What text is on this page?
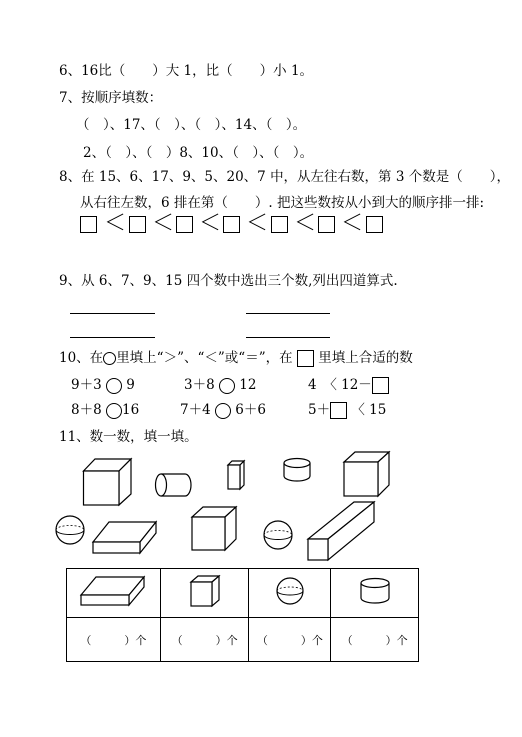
6、16比（　　）大 1，比（　　）小 1。
7、按顺序填数：
（　）、17、（　）、（　）、14、（　）。
2、（　）、（　）8、10、（　）、（　）。
8、在 15、6、17、9、5、20、7 中，从左往右数，第 3 个数是（　　），
从右往左数，6 排在第（　　）. 把这些数按从小到大的顺序排一排:
＜ ＜ ＜ ＜ ＜ ＜
9、从 6、7、9、15 四个数中选出三个数,列出四道算式.
10、在 里填上“＞”、“＜”或“＝”，在 里填上合适的数
9＋3 9	3＋8 12	4　〈 12－
8＋8 16	7＋4 6＋6	5＋ 〈 15
11、数一数，填一填。

（　　　）个	（　　　）个	（　　　）个	（　　　）个
